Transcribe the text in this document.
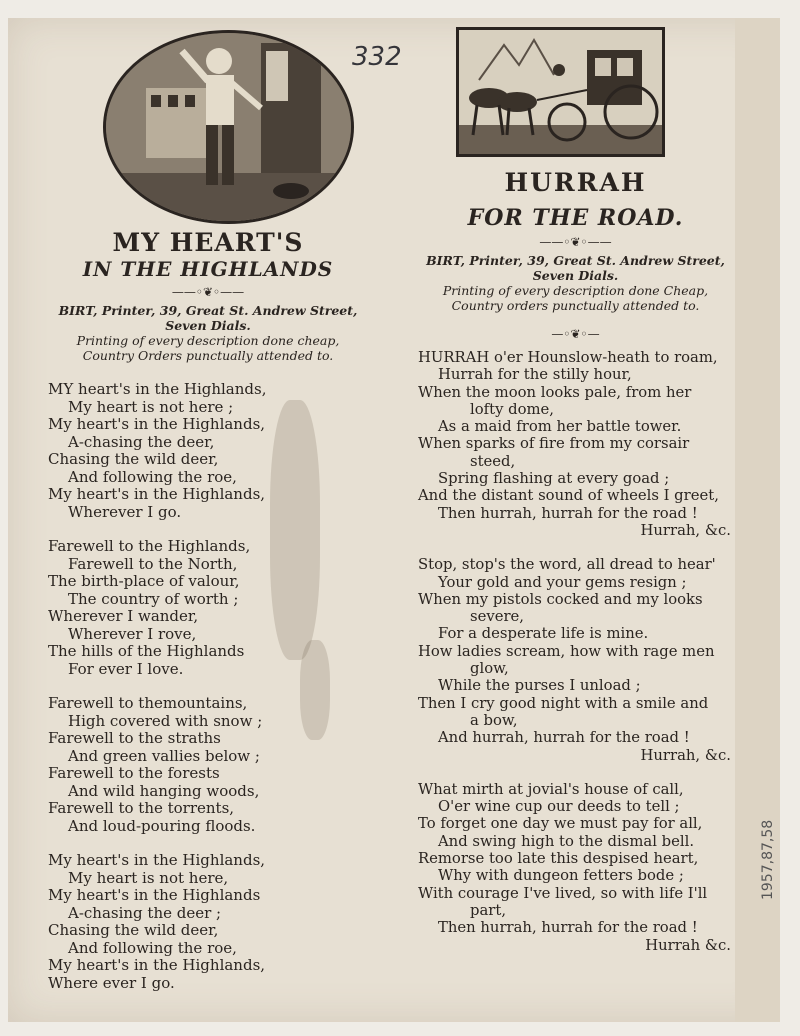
332
1957,87,58
MY HEART'S
IN THE HIGHLANDS
——◦❦◦——

BIRT, Printer, 39, Great St. Andrew Street,

Seven Dials.

Printing of every description done cheap,

Country Orders punctually attended to.

MY heart's in the Highlands,
My heart is not here ;
My heart's in the Highlands,
A-chasing the deer,
Chasing the wild deer,
And following the roe,
My heart's in the Highlands,
Wherever I go.
Farewell to the Highlands,
Farewell to the North,
The birth-place of valour,
The country of worth ;
Wherever I wander,
Wherever I rove,
The hills of the Highlands
For ever I love.
Farewell to themountains,
High covered with snow ;
Farewell to the straths
And green vallies below ;
Farewell to the forests
And wild hanging woods,
Farewell to the torrents,
And loud-pouring floods.
My heart's in the Highlands,
My heart is not here,
My heart's in the Highlands
A-chasing the deer ;
Chasing the wild deer,
And following the roe,
My heart's in the Highlands,
Where ever I go.
HURRAH
FOR THE ROAD.
——◦❦◦——

BIRT, Printer, 39, Great St. Andrew Street,

Seven Dials.

Printing of every description done Cheap,

Country orders punctually attended to.

—◦❦◦—
HURRAH o'er Hounslow-heath to roam,
Hurrah for the stilly hour,
When the moon looks pale, from her
lofty dome,
As a maid from her battle tower.
When sparks of fire from my corsair
steed,
Spring flashing at every goad ;
And the distant sound of wheels I greet,
Then hurrah, hurrah for the road !
Hurrah, &c.
Stop, stop's the word, all dread to hear'
Your gold and your gems resign ;
When my pistols cocked and my looks
severe,
For a desperate life is mine.
How ladies scream, how with rage men
glow,
While the purses I unload ;
Then I cry good night with a smile and
a bow,
And hurrah, hurrah for the road !
Hurrah, &c.
What mirth at jovial's house of call,
O'er wine cup our deeds to tell ;
To forget one day we must pay for all,
And swing high to the dismal bell.
Remorse too late this despised heart,
Why with dungeon fetters bode ;
With courage I've lived, so with life I'll
part,
Then hurrah, hurrah for the road !
Hurrah &c.
